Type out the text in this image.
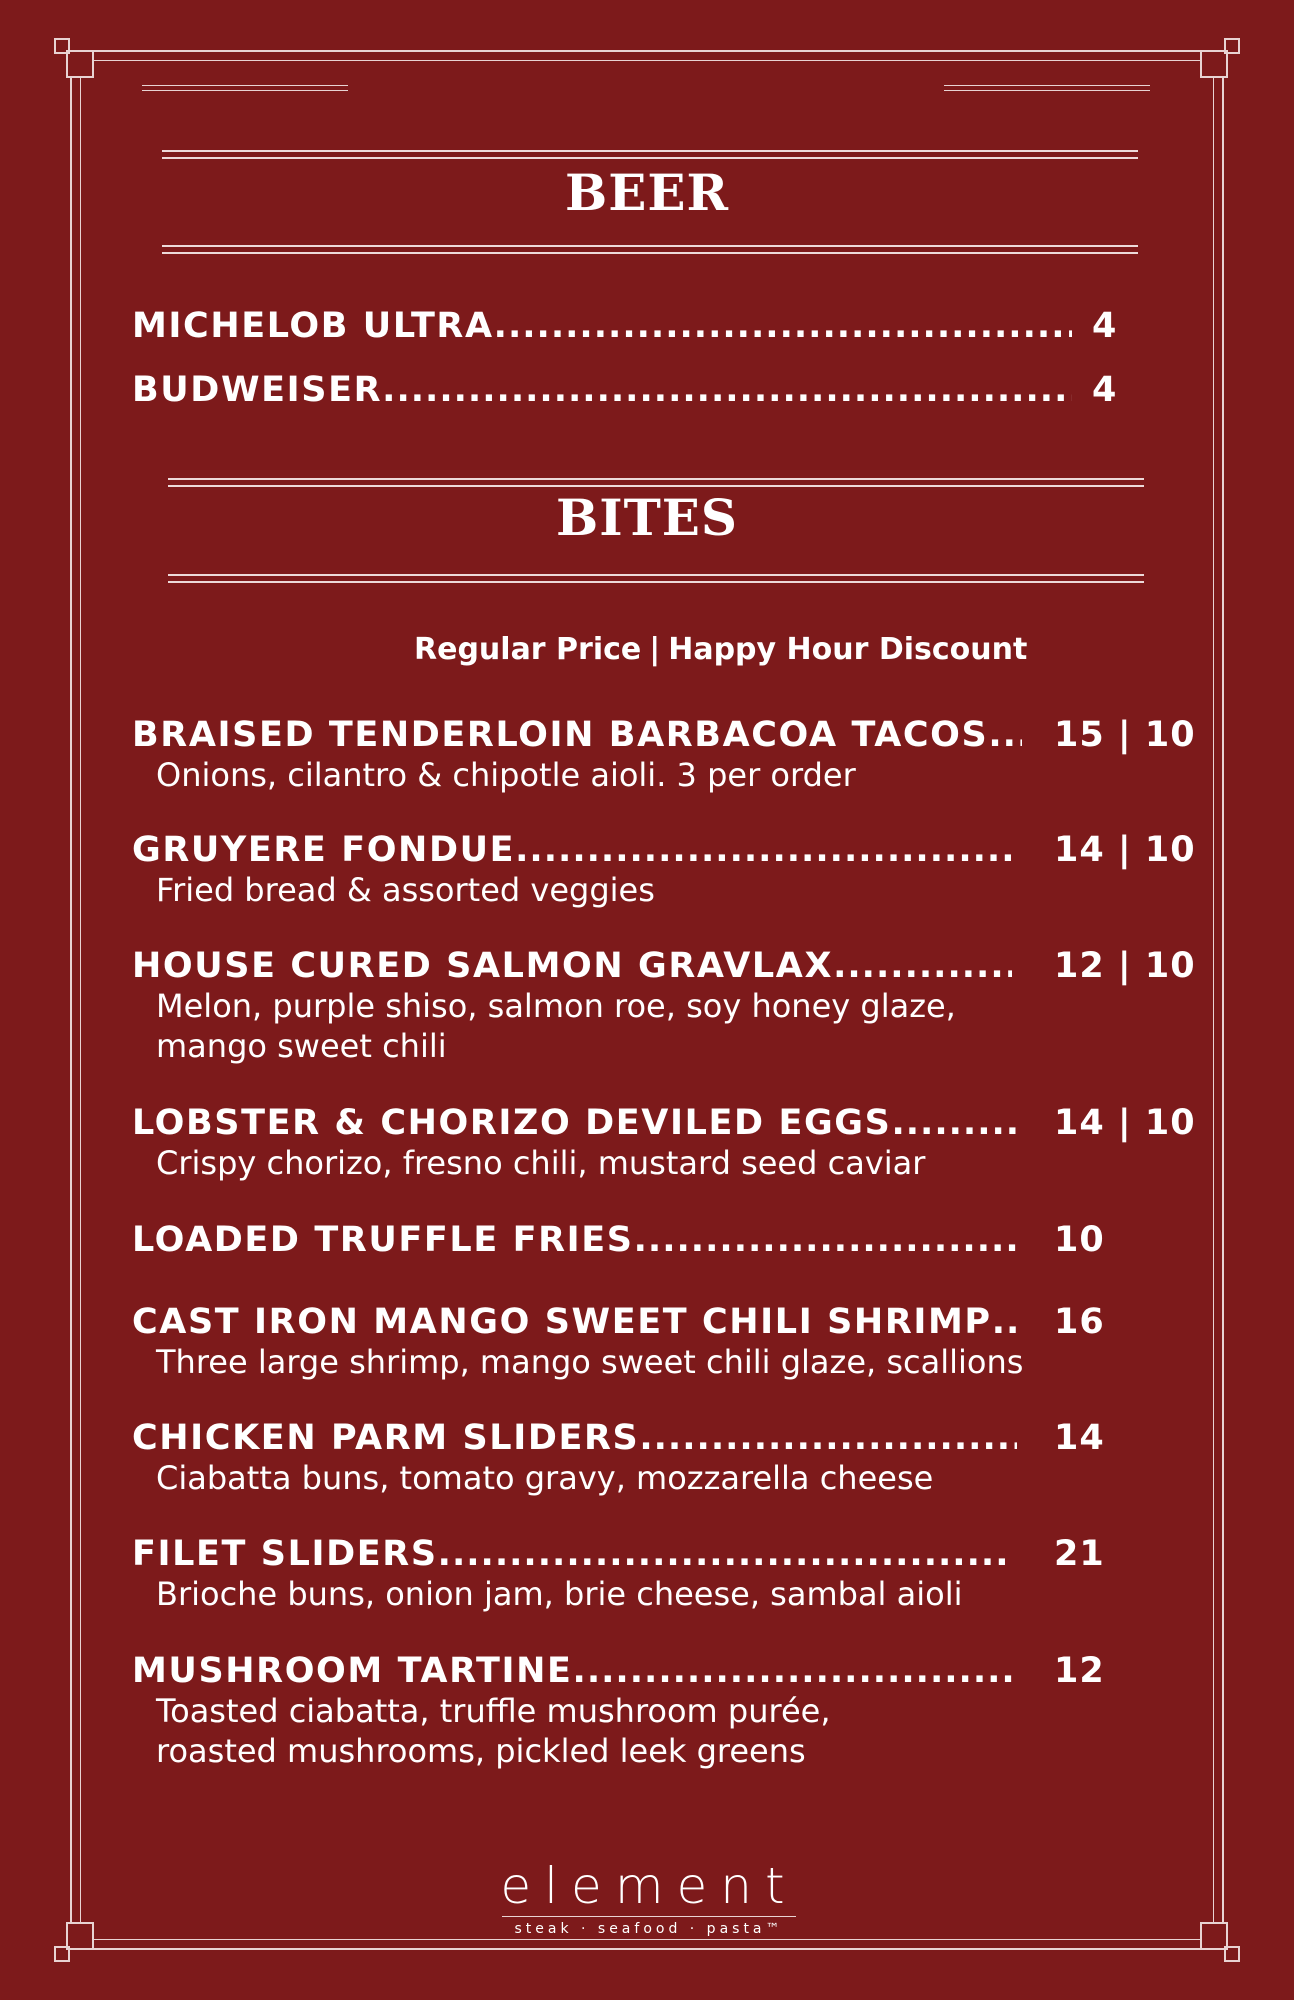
BEER
MICHELOB ULTRA .....	4
BUDWEISER .....	4
BITES
Regular Price | Happy Hour Discount
BRAISED TENDERLOIN BARBACOA TACOS ..... 15 | 10
Onions, cilantro & chipotle aioli. 3 per order
GRUYERE FONDUE .....	14 | 10
Fried bread & assorted veggies
HOUSE CURED SALMON GRAVLAX .....	12 | 10
Melon, purple shiso, salmon roe, soy honey glaze,
mango sweet chili
LOBSTER & CHORIZO DEVILED EGGS .....	14 | 10
Crispy chorizo, fresno chili, mustard seed caviar
LOADED TRUFFLE FRIES .....	10
CAST IRON MANGO SWEET CHILI SHRIMP ..... 16
Three large shrimp, mango sweet chili glaze, scallions
CHICKEN PARM SLIDERS .....	14
Ciabatta buns, tomato gravy, mozzarella cheese
FILET SLIDERS .....	21
Brioche buns, onion jam, brie cheese, sambal aioli
MUSHROOM TARTINE .....	12
Toasted ciabatta, truffle mushroom purée,
roasted mushrooms, pickled leek greens
element
steak · seafood · pasta™
